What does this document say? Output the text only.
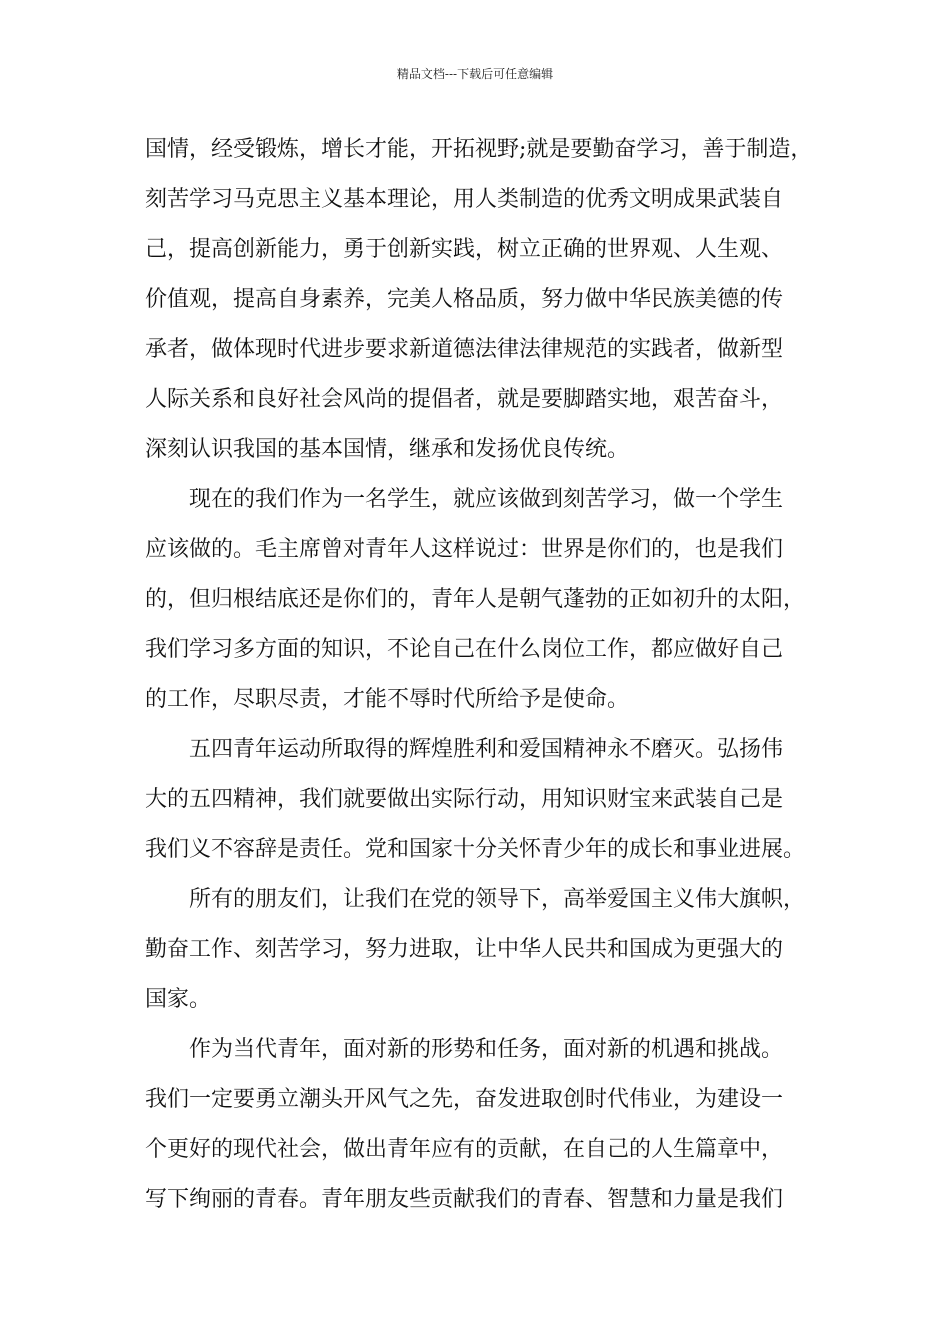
精品文档---下载后可任意编辑
国情，经受锻炼，增长才能，开拓视野;就是要勤奋学习，善于制造，
刻苦学习马克思主义基本理论，用人类制造的优秀文明成果武装自
己，提高创新能力，勇于创新实践，树立正确的世界观、人生观、
价值观，提高自身素养，完美人格品质，努力做中华民族美德的传
承者，做体现时代进步要求新道德法律法律规范的实践者，做新型
人际关系和良好社会风尚的提倡者，就是要脚踏实地，艰苦奋斗，
深刻认识我国的基本国情，继承和发扬优良传统。
现在的我们作为一名学生，就应该做到刻苦学习，做一个学生
应该做的。毛主席曾对青年人这样说过：世界是你们的，也是我们
的，但归根结底还是你们的，青年人是朝气蓬勃的正如初升的太阳，
我们学习多方面的知识，不论自己在什么岗位工作，都应做好自己
的工作，尽职尽责，才能不辱时代所给予是使命。
五四青年运动所取得的辉煌胜利和爱国精神永不磨灭。弘扬伟
大的五四精神，我们就要做出实际行动，用知识财宝来武装自己是
我们义不容辞是责任。党和国家十分关怀青少年的成长和事业进展。
所有的朋友们，让我们在党的领导下，高举爱国主义伟大旗帜，
勤奋工作、刻苦学习，努力进取，让中华人民共和国成为更强大的
国家。
作为当代青年，面对新的形势和任务，面对新的机遇和挑战。
我们一定要勇立潮头开风气之先，奋发进取创时代伟业，为建设一
个更好的现代社会，做出青年应有的贡献，在自己的人生篇章中，
写下绚丽的青春。青年朋友些贡献我们的青春、智慧和力量是我们
